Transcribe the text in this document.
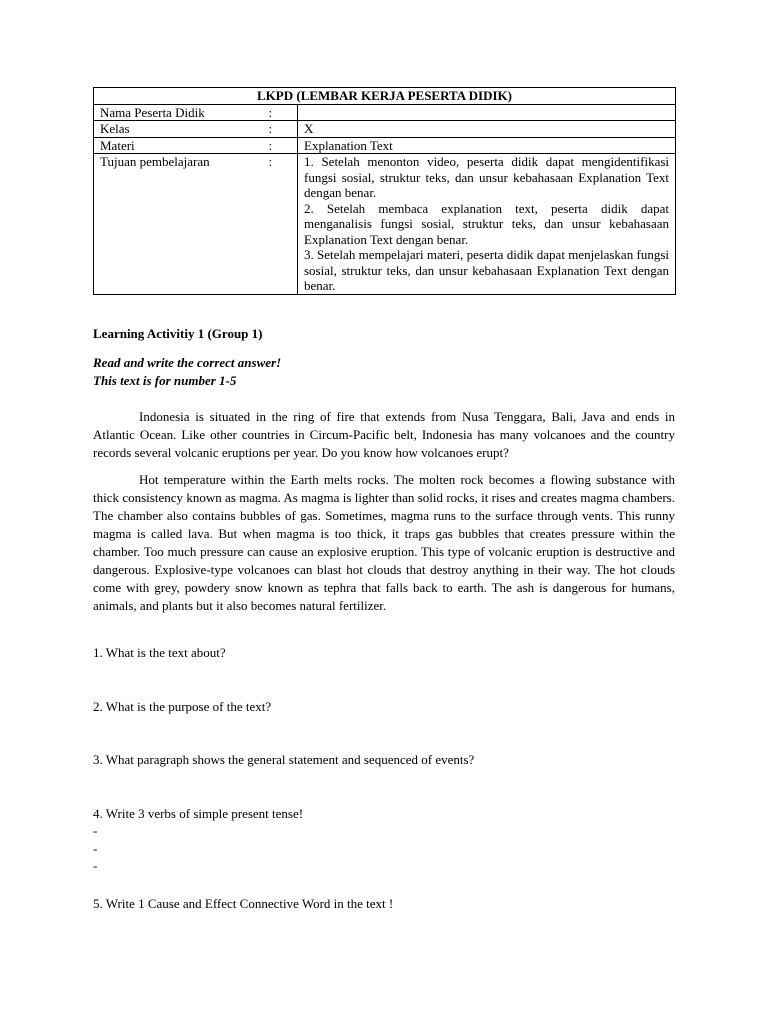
LKPD (LEMBAR KERJA PESERTA DIDIK)		
Nama Peserta Didik	:	
Kelas	:	X
Materi	:	Explanation Text
Tujuan pembelajaran	:	1. Setelah menonton video, peserta didik dapat mengidentifikasi fungsi sosial, struktur teks, dan unsur kebahasaan Explanation Text dengan benar.
2. Setelah membaca explanation text, peserta didik dapat menganalisis fungsi sosial, struktur teks, dan unsur kebahasaan Explanation Text dengan benar.
3. Setelah mempelajari materi, peserta didik dapat menjelaskan fungsi sosial, struktur teks, dan unsur kebahasaan Explanation Text dengan benar.
Learning Activitiy 1 (Group 1)
Read and write the correct answer!
This text is for number 1-5

Indonesia is situated in the ring of fire that extends from Nusa Tenggara, Bali, Java and ends in Atlantic Ocean. Like other countries in Circum-Pacific belt, Indonesia has many volcanoes and the country records several volcanic eruptions per year. Do you know how volcanoes erupt?

Hot temperature within the Earth melts rocks. The molten rock becomes a flowing substance with thick consistency known as magma. As magma is lighter than solid rocks, it rises and creates magma chambers. The chamber also contains bubbles of gas. Sometimes, magma runs to the surface through vents. This runny magma is called lava. But when magma is too thick, it traps gas bubbles that creates pressure within the chamber. Too much pressure can cause an explosive eruption. This type of volcanic eruption is destructive and dangerous. Explosive-type volcanoes can blast hot clouds that destroy anything in their way. The hot clouds come with grey, powdery snow known as tephra that falls back to earth. The ash is dangerous for humans, animals, and plants but it also becomes natural fertilizer.

1. What is the text about?
2. What is the purpose of the text?
3. What paragraph shows the general statement and sequenced of events?
4. Write 3 verbs of simple present tense!
-
-
-
5. Write 1 Cause and Effect Connective Word in the text !
